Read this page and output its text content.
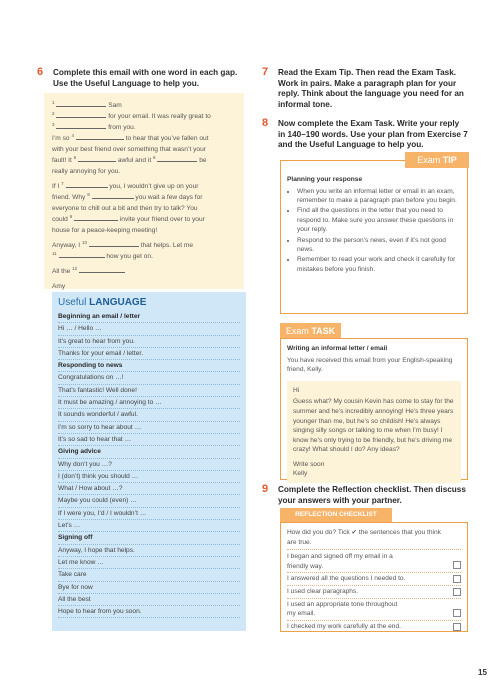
6 Complete this email with one word in each gap.
Use the Useful Language to help you.
$^1$	Sam
$^2$	for your email. It was really great to
$^3$	from you.
I’m so $^4$	to hear that you’ve fallen out
with your best friend over something that wasn’t your
fault! It $^5$	awful and it $^6$	be
really annoying for you.
If I $^7$	you, I wouldn’t give up on your
friend. Why $^8$	you wait a few days for
everyone to chill out a bit and then try to talk? You
could $^9$	invite your friend over to your
house for a peace-keeping meeting!
Anyway, I $^{10}$	that helps. Let me
$^{11}$	how you get on.
All the $^{12}$
Amy
Useful LANGUAGE
Beginning an email / letter
Hi … / Hello …
It’s great to hear from you.
Thanks for your email / letter.
Responding to news
Congratulations on …!
That’s fantastic! Well done!
It must be amazing / annoying to …
It sounds wonderful / awful.
I’m so sorry to hear about …
It’s so sad to hear that …
Giving advice
Why don’t you …?
I (don’t) think you should …
What / How about …?
Maybe you could (even) …
If I were you, I’d / I wouldn’t …
Let’s …
Signing off
Anyway, I hope that helps.
Let me know …
Take care
Bye for now
All the best
Hope to hear from you soon.
7 Read the Exam Tip. Then read the Exam Task.
Work in pairs. Make a paragraph plan for your
reply. Think about the language you need for an
informal tone.
8 Now complete the Exam Task. Write your reply
in 140–190 words. Use your plan from Exercise 7
and the Useful Language to help you.
Planning your response
• When you write an informal letter or email in an exam, remember to make a paragraph plan before you begin.
• Find all the questions in the letter that you need to respond to. Make sure you answer these questions in your reply.
• Respond to the person’s news, even if it’s not good news.
• Remember to read your work and check it carefully for mistakes before you finish.
Exam TIP
Exam TASK
Writing an informal letter / email
You have received this email from your English-speaking friend, Kelly.
Hi
Guess what? My cousin Kevin has come to stay for the summer and he’s incredibly annoying! He’s three years younger than me, but he’s so childish! He’s always singing silly songs or talking to me when I’m busy! I know he’s only trying to be friendly, but he’s driving me crazy! What should I do? Any ideas?
Write soon
Kelly
9 Complete the Reflection checklist. Then discuss
your answers with your partner.
REFLECTION CHECKLIST
How did you do? Tick ✔ the sentences that you think are true.
I began and signed off my email in a friendly way.
I answered all the questions I needed to.
I used clear paragraphs.
I used an appropriate tone throughout my email.
I checked my work carefully at the end.
15
